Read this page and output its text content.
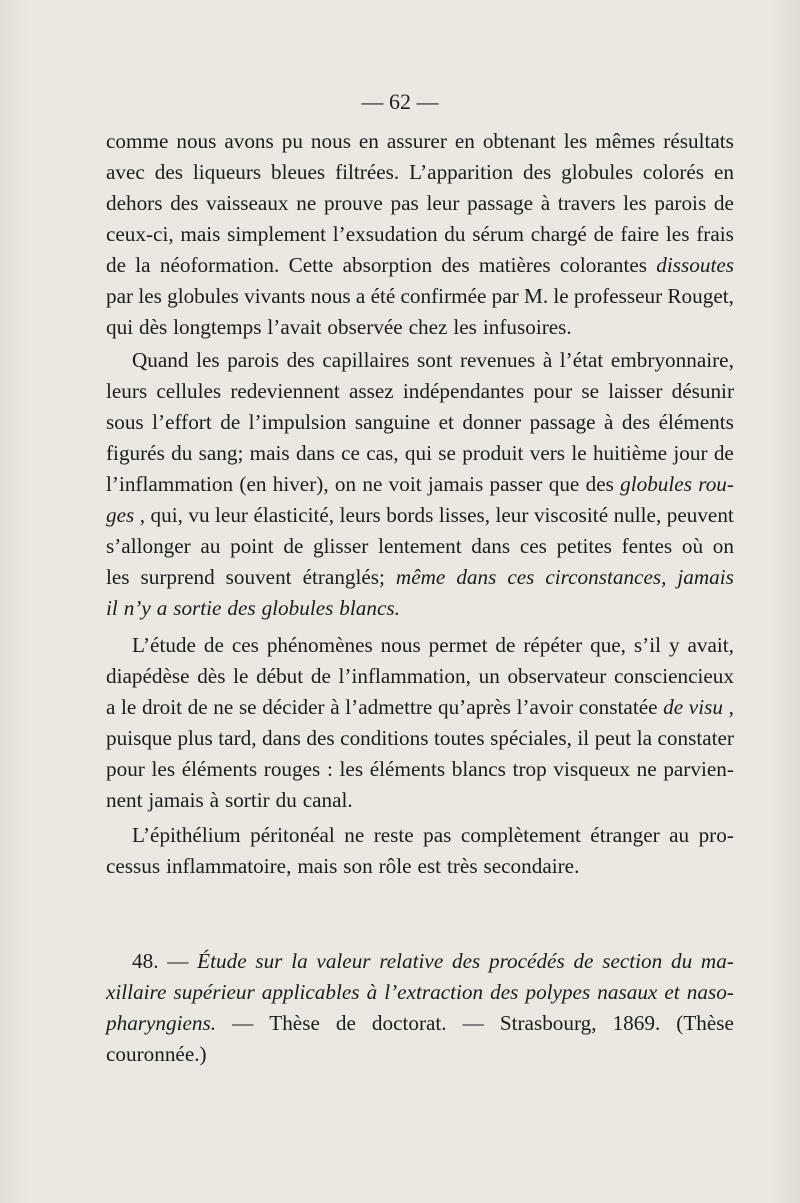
— 62 —
comme nous avons pu nous en assurer en obtenant les mêmes résultats
avec des liqueurs bleues filtrées. L’apparition des globules colorés en
dehors des vaisseaux ne prouve pas leur passage à travers les parois de
ceux-ci, mais simplement l’exsudation du sérum chargé de faire les frais
de la néoformation. Cette absorption des matières colorantes dissoutes
par les globules vivants nous a été confirmée par M. le professeur Rouget,
qui dès longtemps l’avait observée chez les infusoires.
Quand les parois des capillaires sont revenues à l’état embryonnaire,
leurs cellules redeviennent assez indépendantes pour se laisser désunir
sous l’effort de l’impulsion sanguine et donner passage à des éléments
figurés du sang; mais dans ce cas, qui se produit vers le huitième jour de
l’inflammation (en hiver), on ne voit jamais passer que des globules rou-
ges , qui, vu leur élasticité, leurs bords lisses, leur viscosité nulle, peuvent
s’allonger au point de glisser lentement dans ces petites fentes où on
les surprend souvent étranglés; même dans ces circonstances, jamais
il n’y a sortie des globules blancs.
L’étude de ces phénomènes nous permet de répéter que, s’il y avait,
diapédèse dès le début de l’inflammation, un observateur consciencieux
a le droit de ne se décider à l’admettre qu’après l’avoir constatée de visu ,
puisque plus tard, dans des conditions toutes spéciales, il peut la constater
pour les éléments rouges : les éléments blancs trop visqueux ne parvien-
nent jamais à sortir du canal.
L’épithélium péritonéal ne reste pas complètement étranger au pro-
cessus inflammatoire, mais son rôle est très secondaire.
48. — Étude sur la valeur relative des procédés de section du ma-
xillaire supérieur applicables à l’extraction des polypes nasaux et naso-
pharyngiens. — Thèse de doctorat. — Strasbourg, 1869. (Thèse
couronnée.)
